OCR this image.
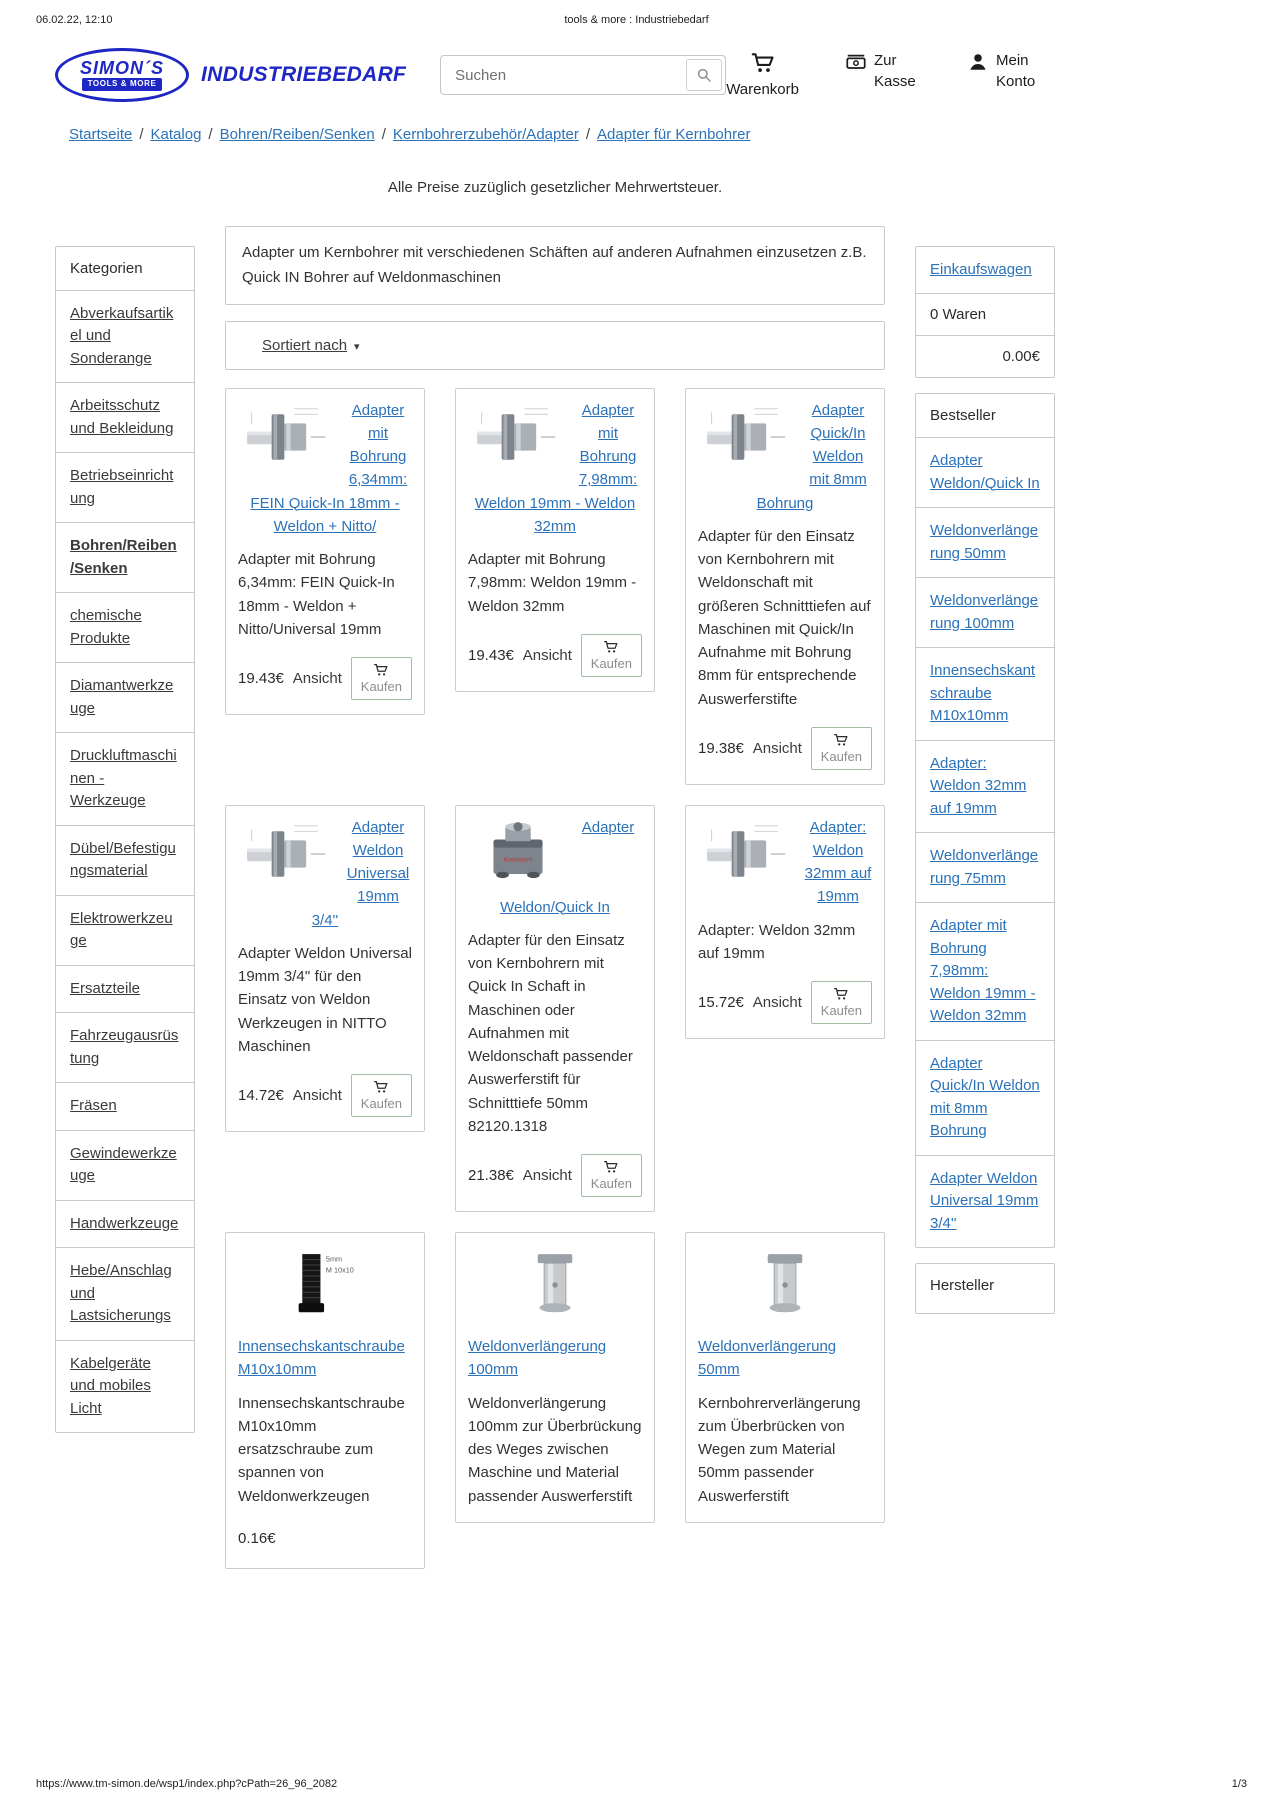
06.02.22, 12:10	tools & more : Industriebedarf
SIMON´S
TOOLS & MORE INDUSTRIEBEDARF
Suchen
Warenkorb
Zur Kasse
Mein Konto
Startseite / Katalog / Bohren/Reiben/Senken / Kernbohrerzubehör/Adapter / Adapter für Kernbohrer

Alle Preise zuzüglich gesetzlicher Mehrwertsteuer.

Kategorien
Abverkaufsartikel und Sonderange
Arbeitsschutz und Bekleidung
Betriebseinrichtung
Bohren/Reiben/Senken
chemische Produkte
Diamantwerkzeuge
Druckluftmaschinen - Werkzeuge
Dübel/Befestigungsmaterial
Elektrowerkzeuge
Ersatzteile
Fahrzeugausrüstung
Fräsen
Gewindewerkzeuge
Handwerkzeuge
Hebe/Anschlag und Lastsicherungs
Kabelgeräte und mobiles Licht

Adapter um Kernbohrer mit verschiedenen Schäften auf anderen Aufnahmen einzusetzen z.B. Quick IN Bohrer auf Weldonmaschinen

Sortiert nach ▾
Adapter mit Bohrung 6,34mm: FEIN Quick-In 18mm - Weldon + Nitto/

Adapter mit Bohrung 6,34mm: FEIN Quick-In 18mm - Weldon + Nitto/Universal 19mm

19.43€ Ansicht Kaufen
Adapter mit Bohrung 7,98mm: Weldon 19mm - Weldon 32mm

Adapter mit Bohrung 7,98mm: Weldon 19mm - Weldon 32mm

19.43€ Ansicht Kaufen
Adapter Quick/In Weldon mit 8mm Bohrung

Adapter für den Einsatz von Kernbohrern mit Weldonschaft mit größeren Schnitttiefen auf Maschinen mit Quick/In Aufnahme mit Bohrung 8mm für entsprechende Auswerferstifte

19.38€ Ansicht Kaufen
Adapter Weldon Universal 19mm 3/4''

Adapter Weldon Universal 19mm 3/4'' für den Einsatz von Weldon Werkzeugen in NITTO Maschinen

14.72€ Ansicht Kaufen
Karnasch
Adapter Weldon/Quick In

Adapter für den Einsatz von Kernbohrern mit Quick In Schaft in Maschinen oder Aufnahmen mit Weldonschaft passender Auswerferstift für Schnitttiefe 50mm 82120.1318

21.38€ Ansicht Kaufen
Adapter: Weldon 32mm auf 19mm

Adapter: Weldon 32mm auf 19mm

15.72€ Ansicht Kaufen
5mm
M 10x10
Innensechskantschraube M10x10mm

Innensechskantschraube M10x10mm ersatzschraube zum spannen von Weldonwerkzeugen

0.16€
Weldonverlängerung 100mm

Weldonverlängerung 100mm zur Überbrückung des Weges zwischen Maschine und Material passender Auswerferstift

Weldonverlängerung 50mm

Kernbohrerverlängerung zum Überbrücken von Wegen zum Material 50mm passender Auswerferstift

Einkaufswagen
0 Waren
0.00€
Bestseller
Adapter Weldon/Quick In
Weldonverlängerung 50mm
Weldonverlängerung 100mm
Innensechskantschraube M10x10mm
Adapter: Weldon 32mm auf 19mm
Weldonverlängerung 75mm
Adapter mit Bohrung 7,98mm: Weldon 19mm - Weldon 32mm
Adapter Quick/In Weldon mit 8mm Bohrung
Adapter Weldon Universal 19mm 3/4''
Hersteller
https://www.tm-simon.de/wsp1/index.php?cPath=26_96_2082	1/3
